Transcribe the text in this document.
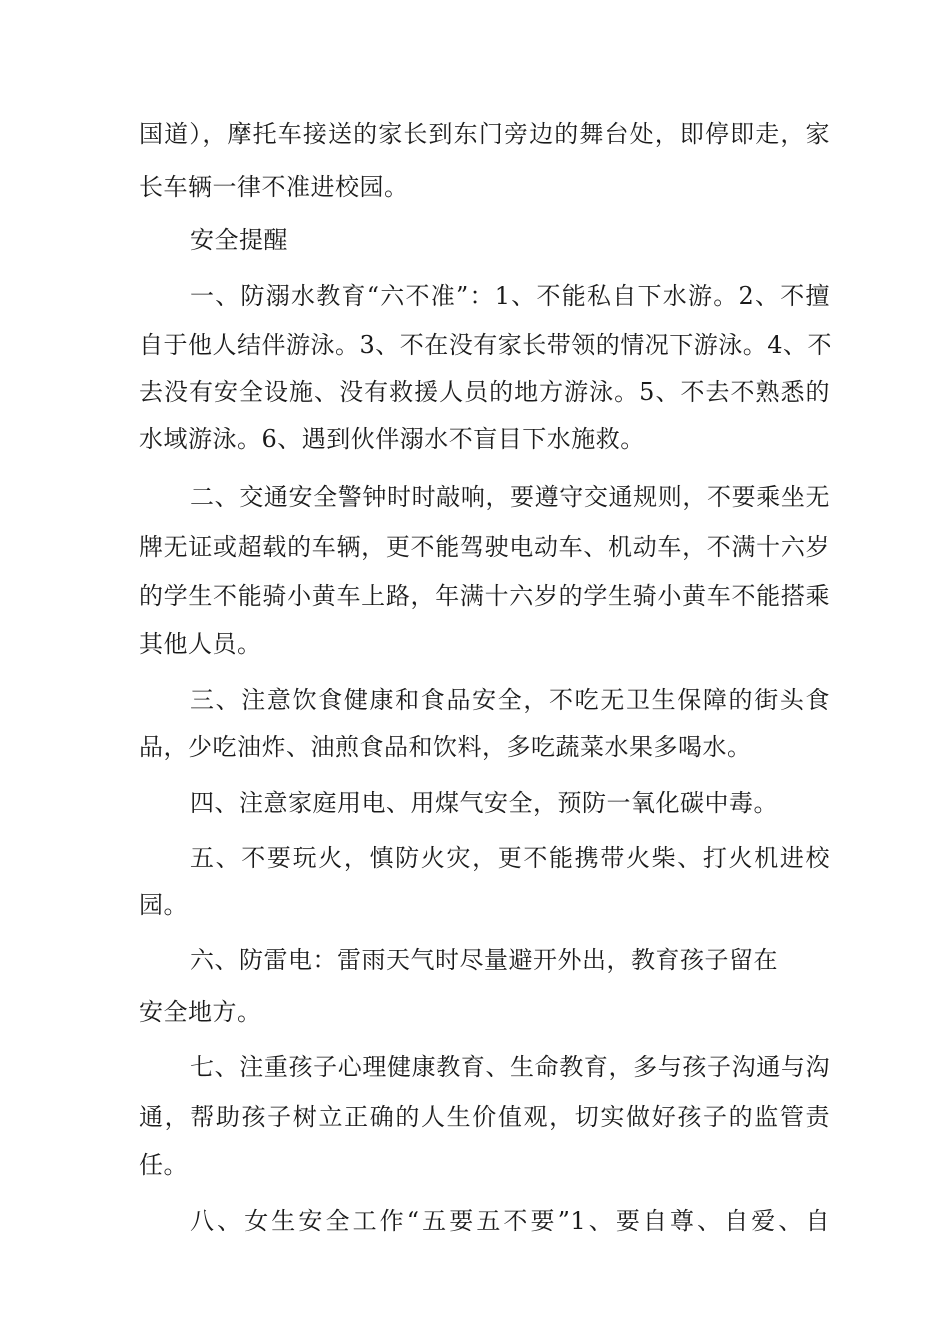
国道），摩托车接送的家长到东门旁边的舞台处，即停即走，家
长车辆一律不准进校园。
安全提醒
一、防溺水教育“六不准”：1、不能私自下水游。2、不擅
自于他人结伴游泳。3、不在没有家长带领的情况下游泳。4、不
去没有安全设施、没有救援人员的地方游泳。5、不去不熟悉的
水域游泳。6、遇到伙伴溺水不盲目下水施救。
二、交通安全警钟时时敲响，要遵守交通规则，不要乘坐无
牌无证或超载的车辆，更不能驾驶电动车、机动车，不满十六岁
的学生不能骑小黄车上路，年满十六岁的学生骑小黄车不能搭乘
其他人员。
三、注意饮食健康和食品安全，不吃无卫生保障的街头食
品，少吃油炸、油煎食品和饮料，多吃蔬菜水果多喝水。
四、注意家庭用电、用煤气安全，预防一氧化碳中毒。
五、不要玩火，慎防火灾，更不能携带火柴、打火机进校
园。
六、防雷电：雷雨天气时尽量避开外出，教育孩子留在
安全地方。
七、注重孩子心理健康教育、生命教育，多与孩子沟通与沟
通，帮助孩子树立正确的人生价值观，切实做好孩子的监管责
任。
八、女生安全工作“五要五不要”1、要自尊、自爱、自
